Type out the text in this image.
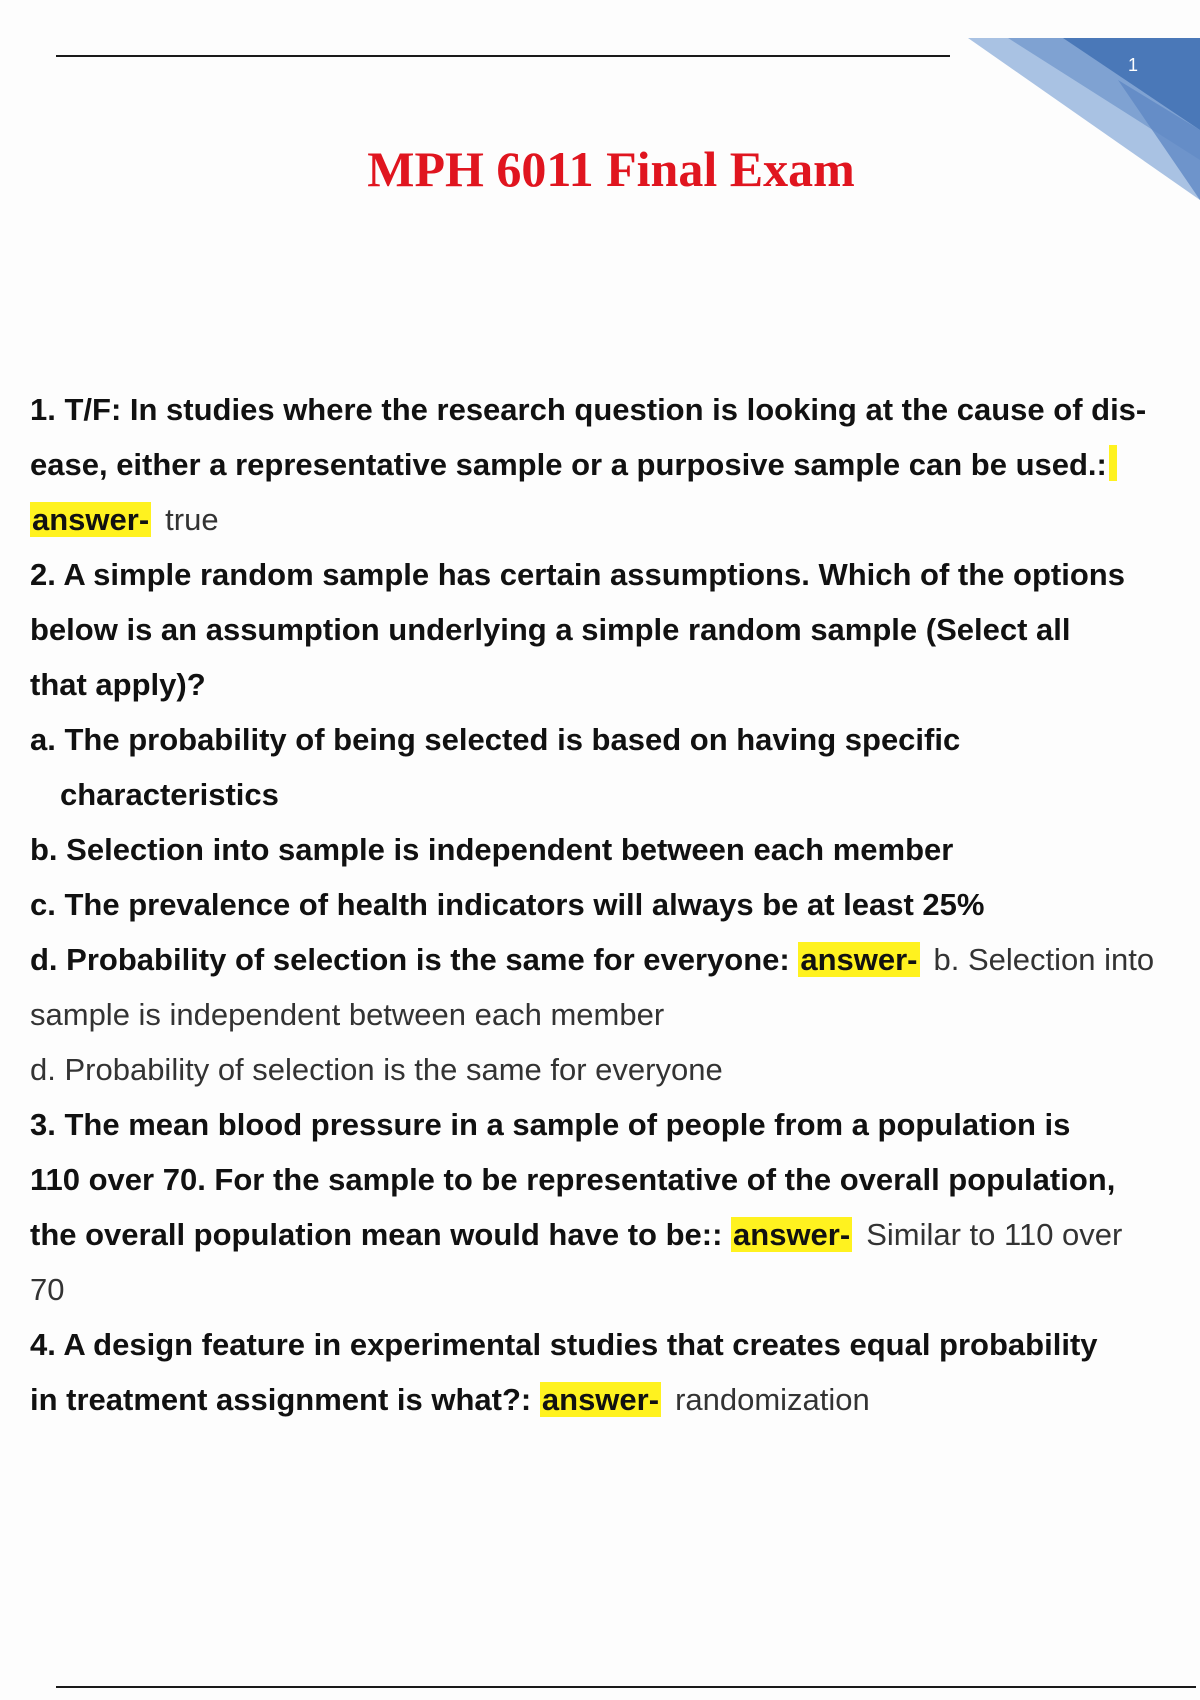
1
MPH 6011 Final Exam
1. T/F: In studies where the research question is looking at the cause of dis-
ease, either a representative sample or a purposive sample can be used.:
answer- true
2. A simple random sample has certain assumptions. Which of the options
below is an assumption underlying a simple random sample (Select all
that apply)?
a. The probability of being selected is based on having specific
characteristics
b. Selection into sample is independent between each member
c. The prevalence of health indicators will always be at least 25%
d. Probability of selection is the same for everyone: answer- b. Selection into
sample is independent between each member
d. Probability of selection is the same for everyone
3. The mean blood pressure in a sample of people from a population is
110 over 70. For the sample to be representative of the overall population,
the overall population mean would have to be:: answer- Similar to 110 over
70
4. A design feature in experimental studies that creates equal probability
in treatment assignment is what?: answer- randomization
